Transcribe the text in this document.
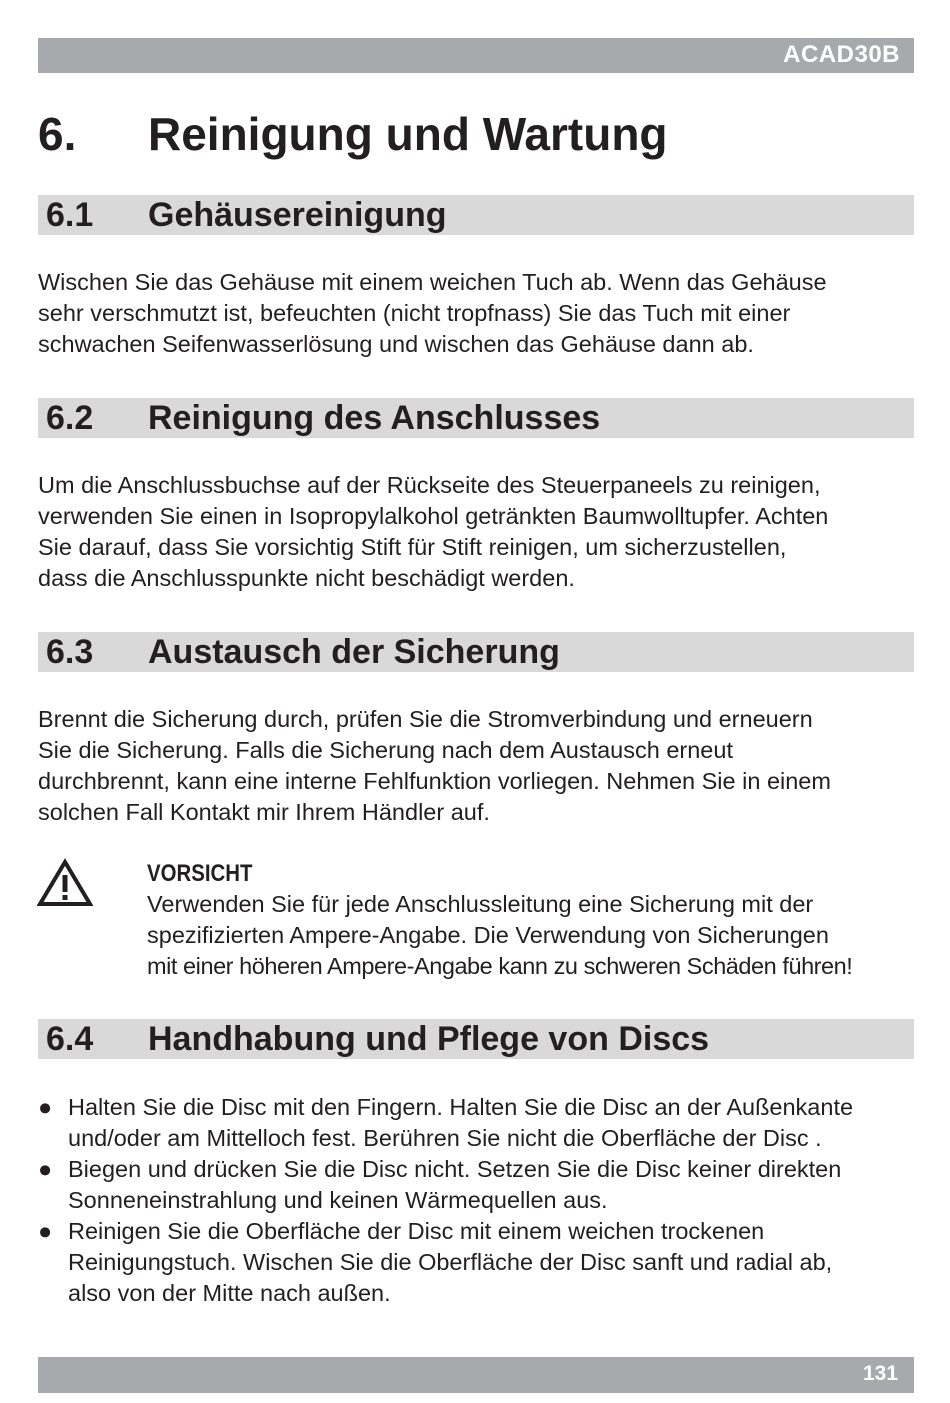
ACAD30B
6. Reinigung und Wartung
6.1 Gehäusereinigung

Wischen Sie das Gehäuse mit einem weichen Tuch ab. Wenn das Gehäuse
sehr verschmutzt ist, befeuchten (nicht tropfnass) Sie das Tuch mit einer
schwachen Seifenwasserlösung und wischen das Gehäuse dann ab.

6.2 Reinigung des Anschlusses

Um die Anschlussbuchse auf der Rückseite des Steuerpaneels zu reinigen,
verwenden Sie einen in Isopropylalkohol getränkten Baumwolltupfer. Achten
Sie darauf, dass Sie vorsichtig Stift für Stift reinigen, um sicherzustellen,
dass die Anschlusspunkte nicht beschädigt werden.

6.3 Austausch der Sicherung

Brennt die Sicherung durch, prüfen Sie die Stromverbindung und erneuern
Sie die Sicherung. Falls die Sicherung nach dem Austausch erneut
durchbrennt, kann eine interne Fehlfunktion vorliegen. Nehmen Sie in einem
solchen Fall Kontakt mir Ihrem Händler auf.

VORSICHT

Verwenden Sie für jede Anschlussleitung eine Sicherung mit der
spezifizierten Ampere-Angabe. Die Verwendung von Sicherungen
mit einer höheren Ampere-Angabe kann zu schweren Schäden führen!

6.4 Handhabung und Pflege von Discs
● Halten Sie die Disc mit den Fingern. Halten Sie die Disc an der Außenkante
und/oder am Mittelloch fest. Berühren Sie nicht die Oberfläche der Disc .
● Biegen und drücken Sie die Disc nicht. Setzen Sie die Disc keiner direkten
Sonneneinstrahlung und keinen Wärmequellen aus.
● Reinigen Sie die Oberfläche der Disc mit einem weichen trockenen
Reinigungstuch. Wischen Sie die Oberfläche der Disc sanft und radial ab,
also von der Mitte nach außen.
131
